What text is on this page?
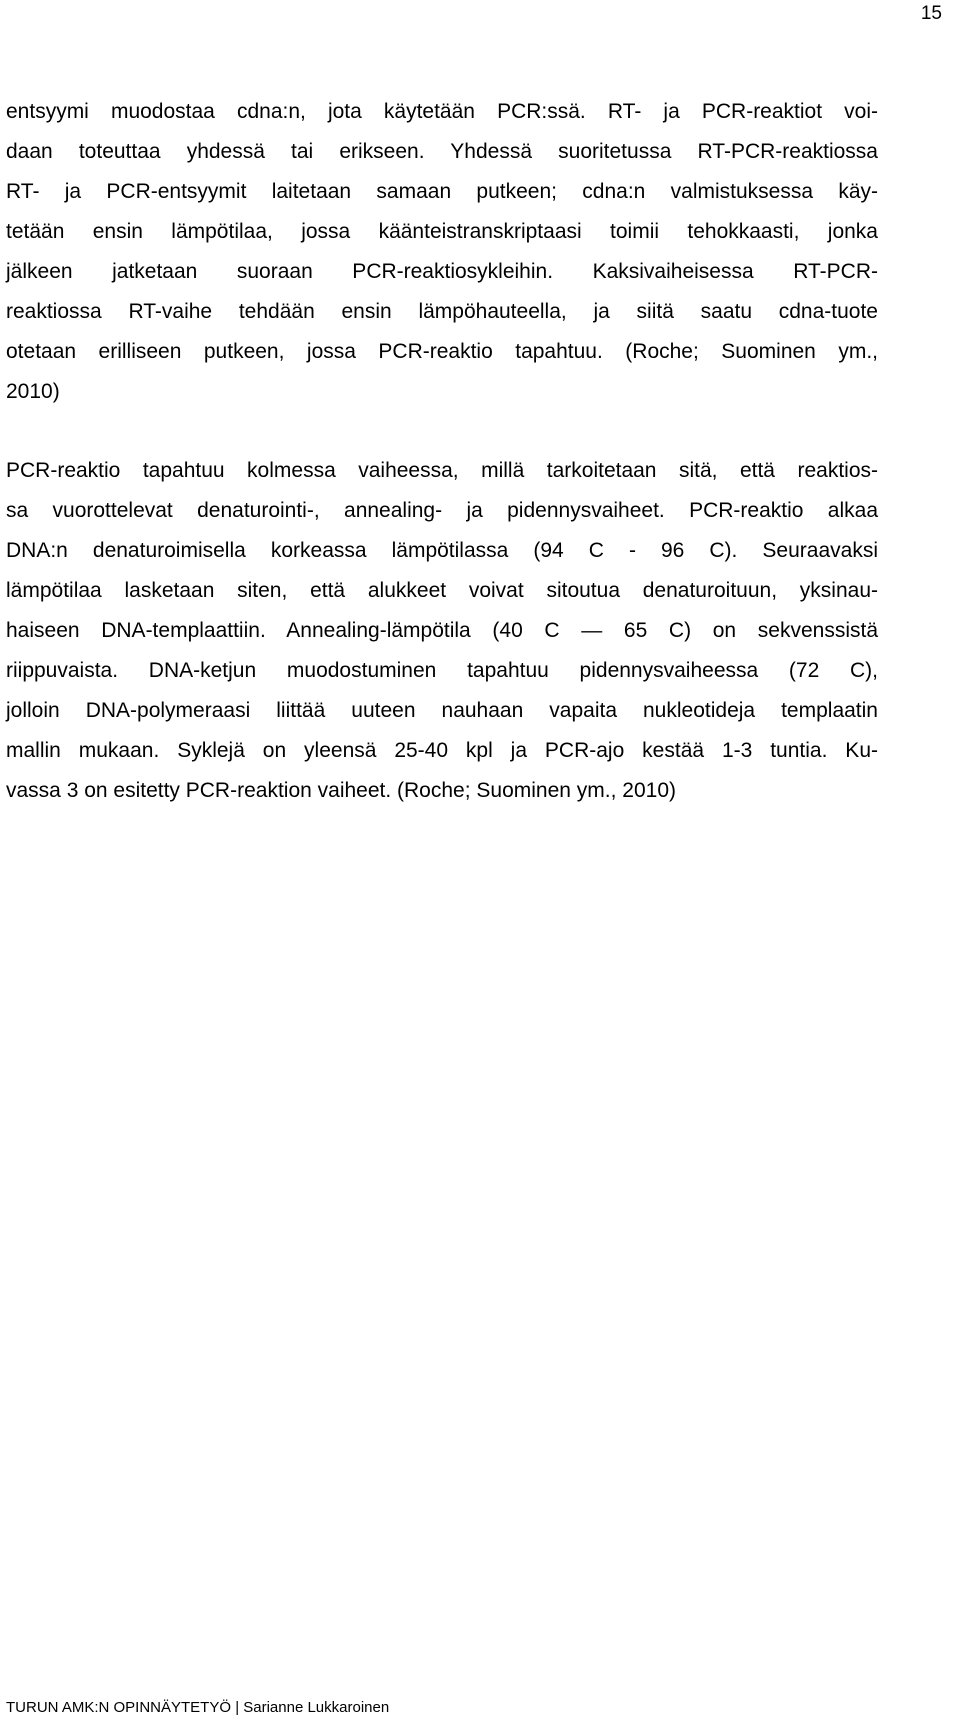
15
entsyymi muodostaa cdna:n, jota käytetään PCR:ssä. RT- ja PCR-reaktiot voi-
daan toteuttaa yhdessä tai erikseen. Yhdessä suoritetussa RT-PCR-reaktiossa
RT- ja PCR-entsyymit laitetaan samaan putkeen; cdna:n valmistuksessa käy-
tetään ensin lämpötilaa, jossa käänteistranskriptaasi toimii tehokkaasti, jonka
jälkeen jatketaan suoraan PCR-reaktiosykleihin. Kaksivaiheisessa RT-PCR-
reaktiossa RT-vaihe tehdään ensin lämpöhauteella, ja siitä saatu cdna-tuote
otetaan erilliseen putkeen, jossa PCR-reaktio tapahtuu. (Roche; Suominen ym.,
2010)
PCR-reaktio tapahtuu kolmessa vaiheessa, millä tarkoitetaan sitä, että reaktios-
sa vuorottelevat denaturointi-, annealing- ja pidennysvaiheet. PCR-reaktio alkaa
DNA:n denaturoimisella korkeassa lämpötilassa (94 C - 96 C). Seuraavaksi
lämpötilaa lasketaan siten, että alukkeet voivat sitoutua denaturoituun, yksinau-
haiseen DNA-templaattiin. Annealing-lämpötila (40 C — 65 C) on sekvenssistä
riippuvaista. DNA-ketjun muodostuminen tapahtuu pidennysvaiheessa (72 C),
jolloin DNA-polymeraasi liittää uuteen nauhaan vapaita nukleotideja templaatin
mallin mukaan. Syklejä on yleensä 25-40 kpl ja PCR-ajo kestää 1-3 tuntia. Ku-
vassa 3 on esitetty PCR-reaktion vaiheet. (Roche; Suominen ym., 2010)
TURUN AMK:N OPINNÄYTETYÖ | Sarianne Lukkaroinen
